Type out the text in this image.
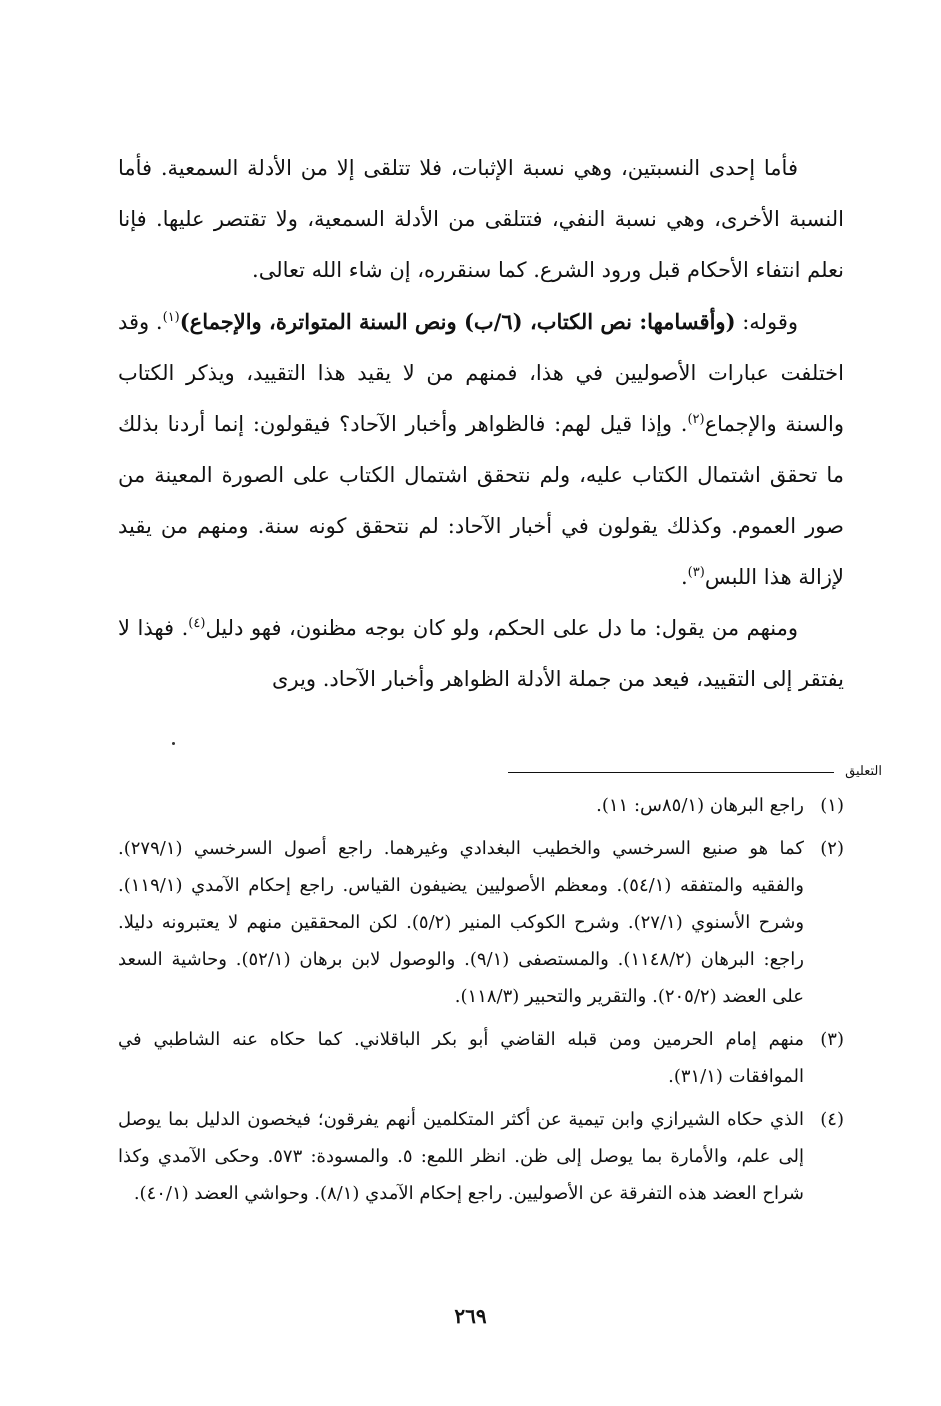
فأما إحدى النسبتين، وهي نسبة الإثبات، فلا تتلقى إلا من الأدلة السمعية. فأما النسبة الأخرى، وهي نسبة النفي، فتتلقى من الأدلة السمعية، ولا تقتصر عليها. فإنا نعلم انتفاء الأحكام قبل ورود الشرع. كما سنقرره، إن شاء الله تعالى.

وقوله: (وأقسامها: نص الكتاب، (٦/ب) ونص السنة المتواترة، والإجماع)$^{(١)}$. وقد اختلفت عبارات الأصوليين في هذا، فمنهم من لا يقيد هذا التقييد، ويذكر الكتاب والسنة والإجماع$^{(٢)}$. وإذا قيل لهم: فالظواهر وأخبار الآحاد؟ فيقولون: إنما أردنا بذلك ما تحقق اشتمال الكتاب عليه، ولم نتحقق اشتمال الكتاب على الصورة المعينة من صور العموم. وكذلك يقولون في أخبار الآحاد: لم نتحقق كونه سنة. ومنهم من يقيد لإزالة هذا اللبس$^{(٣)}$.

ومنهم من يقول: ما دل على الحكم، ولو كان بوجه مظنون، فهو دليل$^{(٤)}$. فهذا لا يفتقر إلى التقييد، فيعد من جملة الأدلة الظواهر وأخبار الآحاد. ويرى

التعليق
(١)
راجع البرهان (٨٥/١س: ١١).
(٢)
كما هو صنيع السرخسي والخطيب البغدادي وغيرهما. راجع أصول السرخسي (٢٧٩/١). والفقيه والمتفقه (٥٤/١). ومعظم الأصوليين يضيفون القياس. راجع إحكام الآمدي (١١٩/١). وشرح الأسنوي (٢٧/١). وشرح الكوكب المنير (٥/٢). لكن المحققين منهم لا يعتبرونه دليلا. راجع: البرهان (١١٤٨/٢). والمستصفى (٩/١). والوصول لابن برهان (٥٢/١). وحاشية السعد على العضد (٢٠٥/٢). والتقرير والتحبير (١١٨/٣).
(٣)
منهم إمام الحرمين ومن قبله القاضي أبو بكر الباقلاني. كما حكاه عنه الشاطبي في الموافقات (٣١/١).
(٤)
الذي حكاه الشيرازي وابن تيمية عن أكثر المتكلمين أنهم يفرقون؛ فيخصون الدليل بما يوصل إلى علم، والأمارة بما يوصل إلى ظن. انظر اللمع: ٥. والمسودة: ٥٧٣. وحكى الآمدي وكذا شراح العضد هذه التفرقة عن الأصوليين. راجع إحكام الآمدي (٨/١). وحواشي العضد (٤٠/١).
٢٦٩
